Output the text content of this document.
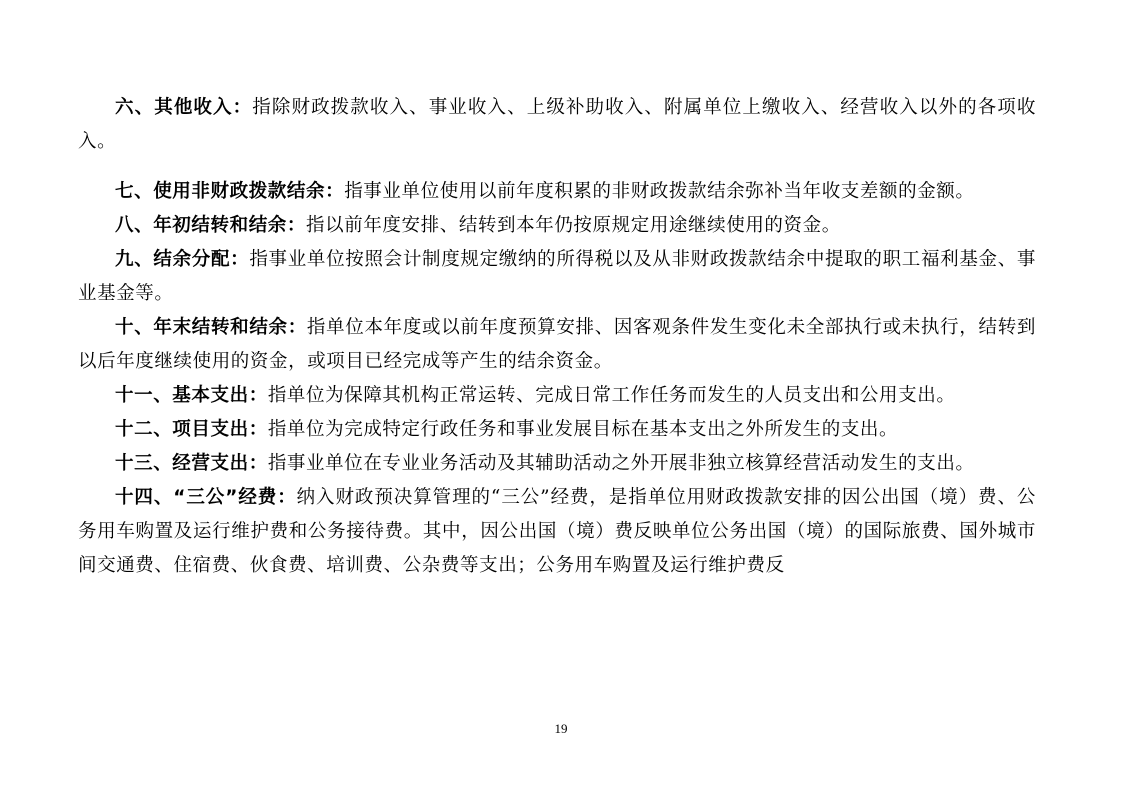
六、其他收入：指除财政拨款收入、事业收入、上级补助收入、附属单位上缴收入、经营收入以外的各项收入。

七、使用非财政拨款结余：指事业单位使用以前年度积累的非财政拨款结余弥补当年收支差额的金额。

八、年初结转和结余：指以前年度安排、结转到本年仍按原规定用途继续使用的资金。

九、结余分配：指事业单位按照会计制度规定缴纳的所得税以及从非财政拨款结余中提取的职工福利基金、事业基金等。

十、年末结转和结余：指单位本年度或以前年度预算安排、因客观条件发生变化未全部执行或未执行，结转到以后年度继续使用的资金，或项目已经完成等产生的结余资金。

十一、基本支出：指单位为保障其机构正常运转、完成日常工作任务而发生的人员支出和公用支出。

十二、项目支出：指单位为完成特定行政任务和事业发展目标在基本支出之外所发生的支出。

十三、经营支出：指事业单位在专业业务活动及其辅助活动之外开展非独立核算经营活动发生的支出。

十四、“三公”经费：纳入财政预决算管理的“三公”经费，是指单位用财政拨款安排的因公出国（境）费、公务用车购置及运行维护费和公务接待费。其中，因公出国（境）费反映单位公务出国（境）的国际旅费、国外城市间交通费、住宿费、伙食费、培训费、公杂费等支出；公务用车购置及运行维护费反

19
